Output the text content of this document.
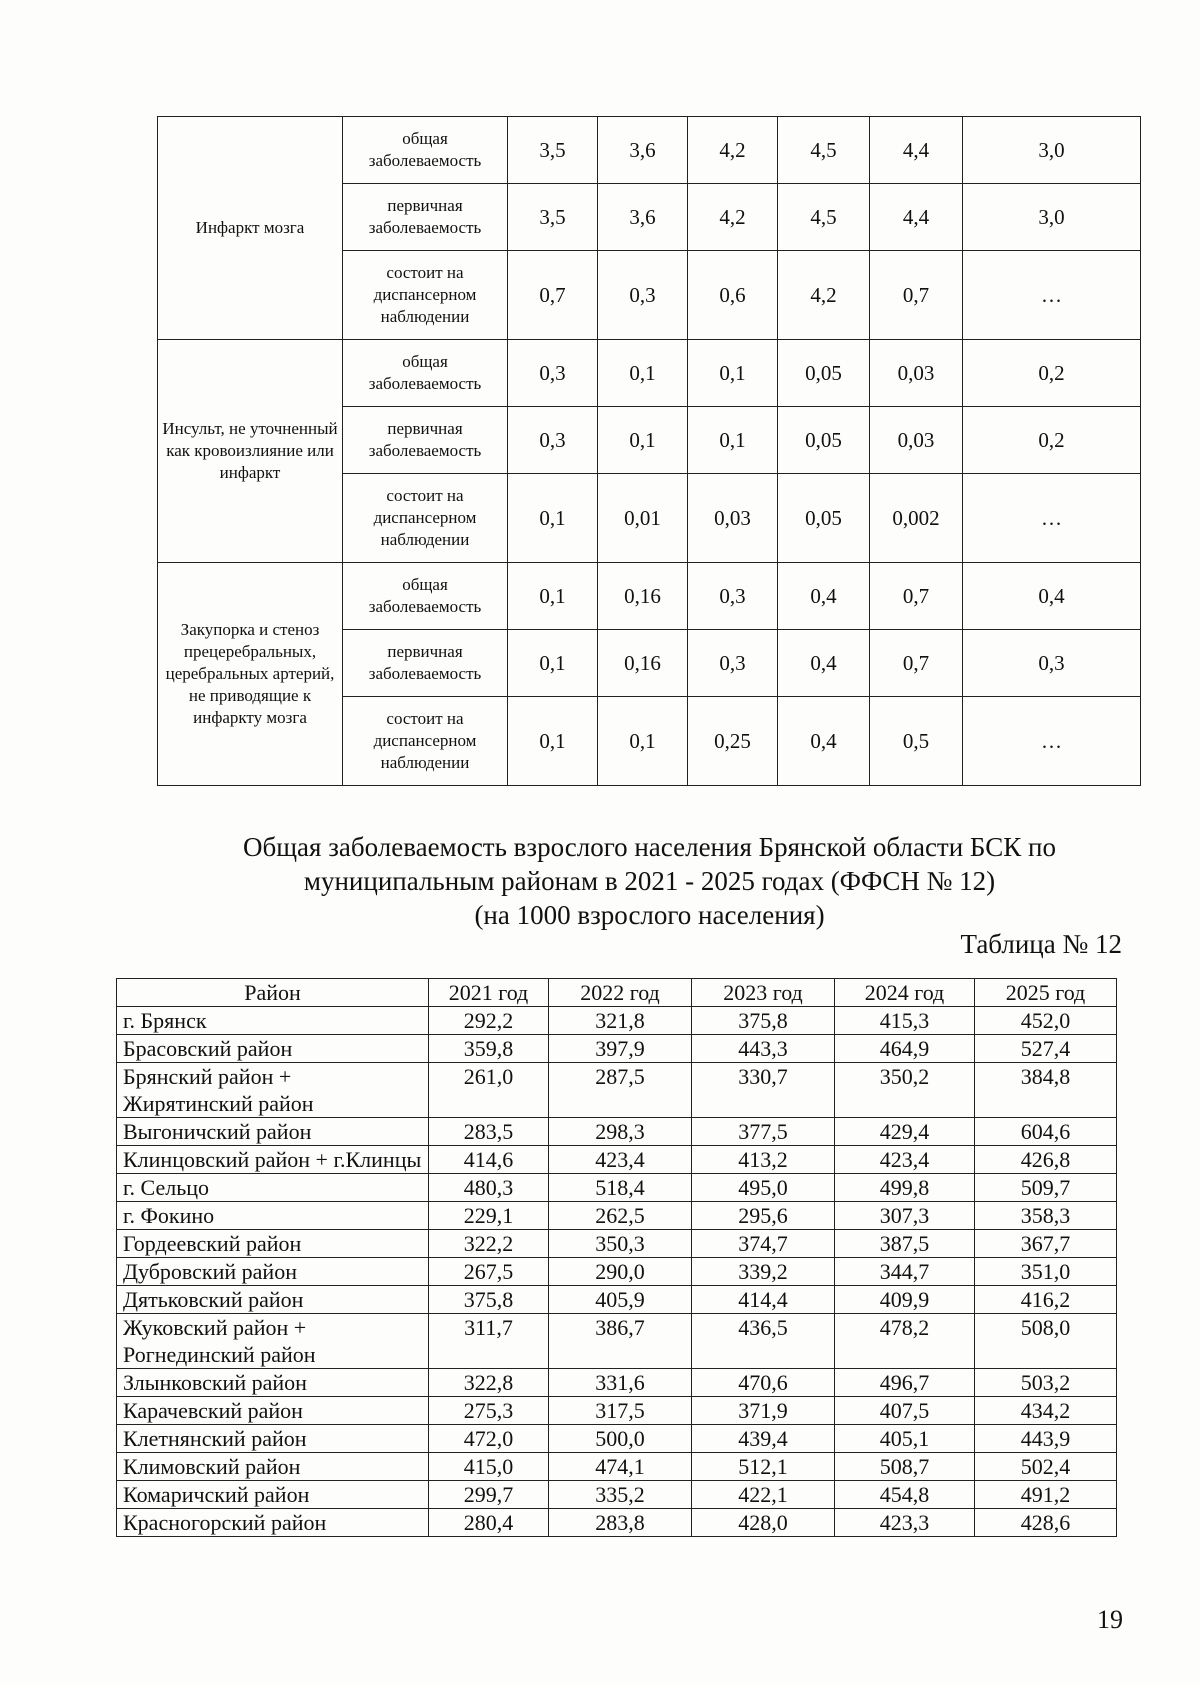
Инфаркт мозга	общая заболеваемость	3,5	3,6	4,2	4,5	4,4	3,0
	первичная заболеваемость	3,5	3,6	4,2	4,5	4,4	3,0
	состоит на диспансерном наблюдении	0,7	0,3	0,6	4,2	0,7	…
Инсульт, не уточненный как кровоизлияние или инфаркт	общая заболеваемость	0,3	0,1	0,1	0,05	0,03	0,2
	первичная заболеваемость	0,3	0,1	0,1	0,05	0,03	0,2
	состоит на диспансерном наблюдении	0,1	0,01	0,03	0,05	0,002	…
Закупорка и стеноз прецеребральных, церебральных артерий, не приводящие к инфаркту мозга	общая заболеваемость	0,1	0,16	0,3	0,4	0,7	0,4
	первичная заболеваемость	0,1	0,16	0,3	0,4	0,7	0,3
	состоит на диспансерном наблюдении	0,1	0,1	0,25	0,4	0,5	…
Общая заболеваемость взрослого населения Брянской области БСК по
муниципальным районам в 2021 - 2025 годах (ФФСН № 12)
(на 1000 взрослого населения)
Таблица № 12
Район	2021 год	2022 год	2023 год	2024 год	2025 год
г. Брянск	292,2	321,8	375,8	415,3	452,0
Брасовский район	359,8	397,9	443,3	464,9	527,4
Брянский район + Жирятинский район	261,0	287,5	330,7	350,2	384,8
Выгоничский район	283,5	298,3	377,5	429,4	604,6
Клинцовский район + г.Клинцы	414,6	423,4	413,2	423,4	426,8
г. Сельцо	480,3	518,4	495,0	499,8	509,7
г. Фокино	229,1	262,5	295,6	307,3	358,3
Гордеевский район	322,2	350,3	374,7	387,5	367,7
Дубровский район	267,5	290,0	339,2	344,7	351,0
Дятьковский район	375,8	405,9	414,4	409,9	416,2
Жуковский район + Рогнединский район	311,7	386,7	436,5	478,2	508,0
Злынковский район	322,8	331,6	470,6	496,7	503,2
Карачевский район	275,3	317,5	371,9	407,5	434,2
Клетнянский район	472,0	500,0	439,4	405,1	443,9
Климовский район	415,0	474,1	512,1	508,7	502,4
Комаричский район	299,7	335,2	422,1	454,8	491,2
Красногорский район	280,4	283,8	428,0	423,3	428,6
19
